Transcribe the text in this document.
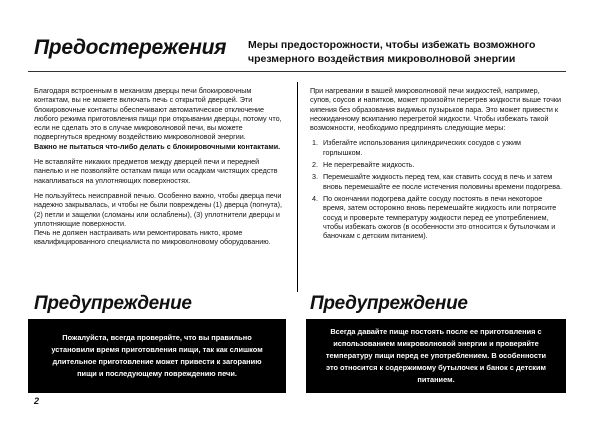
Предостережения Меры предосторожности, чтобы избежать возможного чрезмерного воздействия микроволновой энергии

Благодаря встроенным в механизм дверцы печи блокировочным контактам, вы не можете включать печь с открытой дверцей. Эти блокировочные контакты обеспечивают автоматическое отключение любого режима приготовления пищи при открывании дверцы, потому что, если не сделать это в случае микроволновой печи, вы можете подвергнуться вредному воздействию микроволновой энергии.
Важно не пытаться что-либо делать с блокировочными контактами.

Не вставляйте никаких предметов между дверцей печи и передней панелью и не позволяйте остаткам пищи или осадкам чистящих средств накапливаться на уплотняющих поверхностях.

Не пользуйтесь неисправной печью. Особенно важно, чтобы дверца печи надежно закрывалась, и чтобы не были повреждены (1) дверца (погнута), (2) петли и защелки (сломаны или ослаблены), (3) уплотнители дверцы и уплотняющие поверхности.

Печь не должен настраивать или ремонтировать никто, кроме квалифицированного специалиста по микроволновому оборудованию.

При нагревании в вашей микроволновой печи жидкостей, например, супов, соусов и напитков, может произойти перегрев жидкости выше точки кипения без образования видимых пузырьков пара. Это может привести к неожиданному вскипанию перегретой жидкости. Чтобы избежать такой возможности, необходимо предпринять следующие меры:

1. Избегайте использования цилиндрических сосудов с узким горлышком.
2. Не перегревайте жидкость.
3. Перемешайте жидкость перед тем, как ставить сосуд в печь и затем вновь перемешайте ее после истечения половины времени подогрева.
4. По окончании подогрева дайте сосуду постоять в печи некоторое время, затем осторожно вновь перемешайте жидкость или потрясите сосуд и проверьте температуру жидкости перед ее употреблением, чтобы избежать ожогов (в особенности это относится к бутылочкам и баночкам с детским питанием).
Предупреждение
Пожалуйста, всегда проверяйте, что вы правильно установили время приготовления пищи, так как слишком длительное приготовление может привести к загоранию пищи и последующему повреждению печи.
Предупреждение
Всегда давайте пище постоять после ее приготовления с использованием микроволновой энергии и проверяйте температуру пищи перед ее употреблением. В особенности это относится к содержимому бутылочек и банок с детским питанием.
2
